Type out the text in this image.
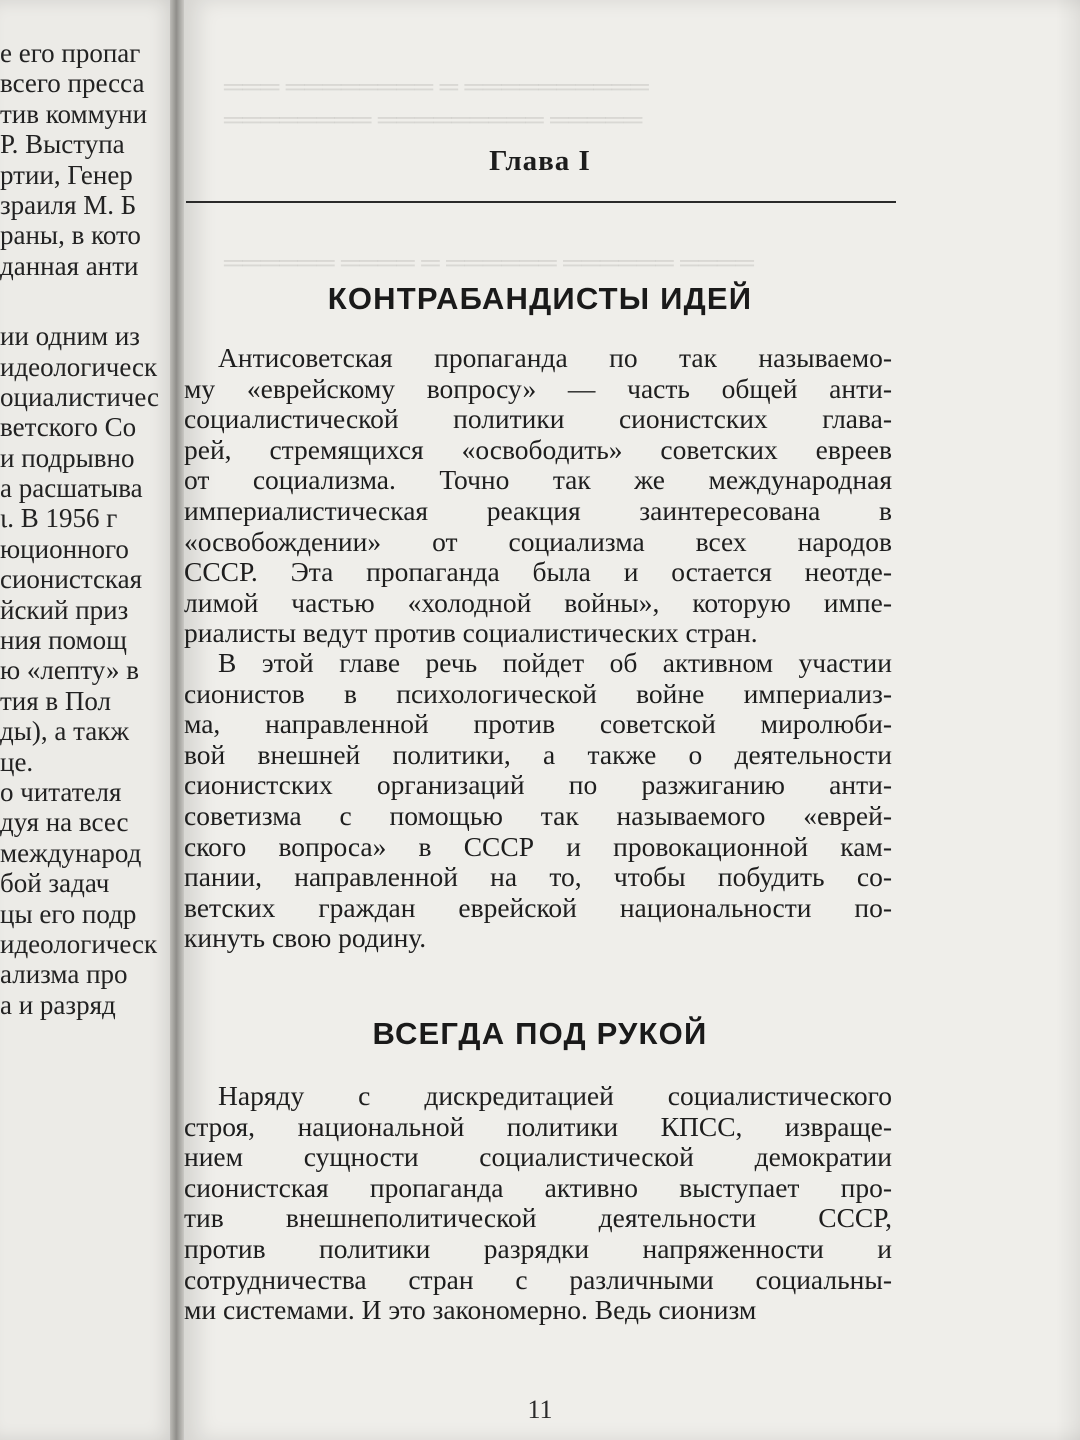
е его пропаг
всего пресса
тив коммуни
Р. Выступа
ртии, Генер
зраиля М. Б
раны, в кото
данная анти
ии одним из
идеологическ
оциалистичес
ветского Со
и подрывно
а расшатыва
ι. В 1956 г
юционного
сионистская
йский приз
ния помощ
ю «лепту» в
тия в Пол
ды), а такж
це.
о читателя
дуя на всес
международ
бой задач
цы его подр
идеологическ
ализма про
а и разряд
═══ ════════ ═ ══════════
════════ ═════════ ═════
══════ ════ ═ ══════ ══════ ════
Глава I
КОНТРАБАНДИСТЫ ИДЕЙ
Антисоветская пропаганда по так называемо-
му «еврейскому вопросу» — часть общей анти-
социалистической политики сионистских глава-
рей, стремящихся «освободить» советских евреев
от социализма. Точно так же международная
империалистическая реакция заинтересована в
«освобождении» от социализма всех народов
СССР. Эта пропаганда была и остается неотде-
лимой частью «холодной войны», которую импе-
риалисты ведут против социалистических стран.
В этой главе речь пойдет об активном участии
сионистов в психологической войне империализ-
ма, направленной против советской миролюби-
вой внешней политики, а также о деятельности
сионистских организаций по разжиганию анти-
советизма с помощью так называемого «еврей-
ского вопроса» в СССР и провокационной кам-
пании, направленной на то, чтобы побудить со-
ветских граждан еврейской национальности по-
кинуть свою родину.
ВСЕГДА ПОД РУКОЙ
Наряду с дискредитацией социалистического
строя, национальной политики КПСС, извраще-
нием сущности социалистической демократии
сионистская пропаганда активно выступает про-
тив внешнеполитической деятельности СССР,
против политики разрядки напряженности и
сотрудничества стран с различными социальны-
ми системами. И это закономерно. Ведь сионизм
11
